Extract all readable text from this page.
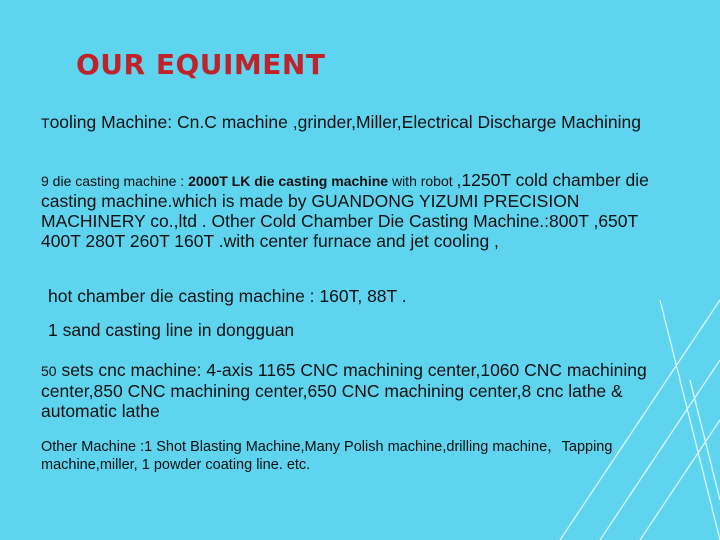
OUR EQUIMENT

Tooling Machine: Cn.C machine ,grinder,Miller,Electrical Discharge Machining

9 die casting machine : 2000T LK die casting machine with robot ,1250T cold chamber die casting machine.which is made by GUANDONG YIZUMI PRECISION MACHINERY co.,ltd . Other Cold Chamber Die Casting Machine.:800T ,650T 400T 280T 260T 160T .with center furnace and jet cooling ,

hot chamber die casting machine : 160T, 88T .

1 sand casting line in dongguan

50 sets cnc machine: 4-axis 1165 CNC machining center,1060 CNC machining center,850 CNC machining center,650 CNC machining center,8 cnc lathe & automatic lathe

Other Machine :1 Shot Blasting Machine,Many Polish machine,drilling machine，Tapping machine,miller, 1 powder coating line. etc.
